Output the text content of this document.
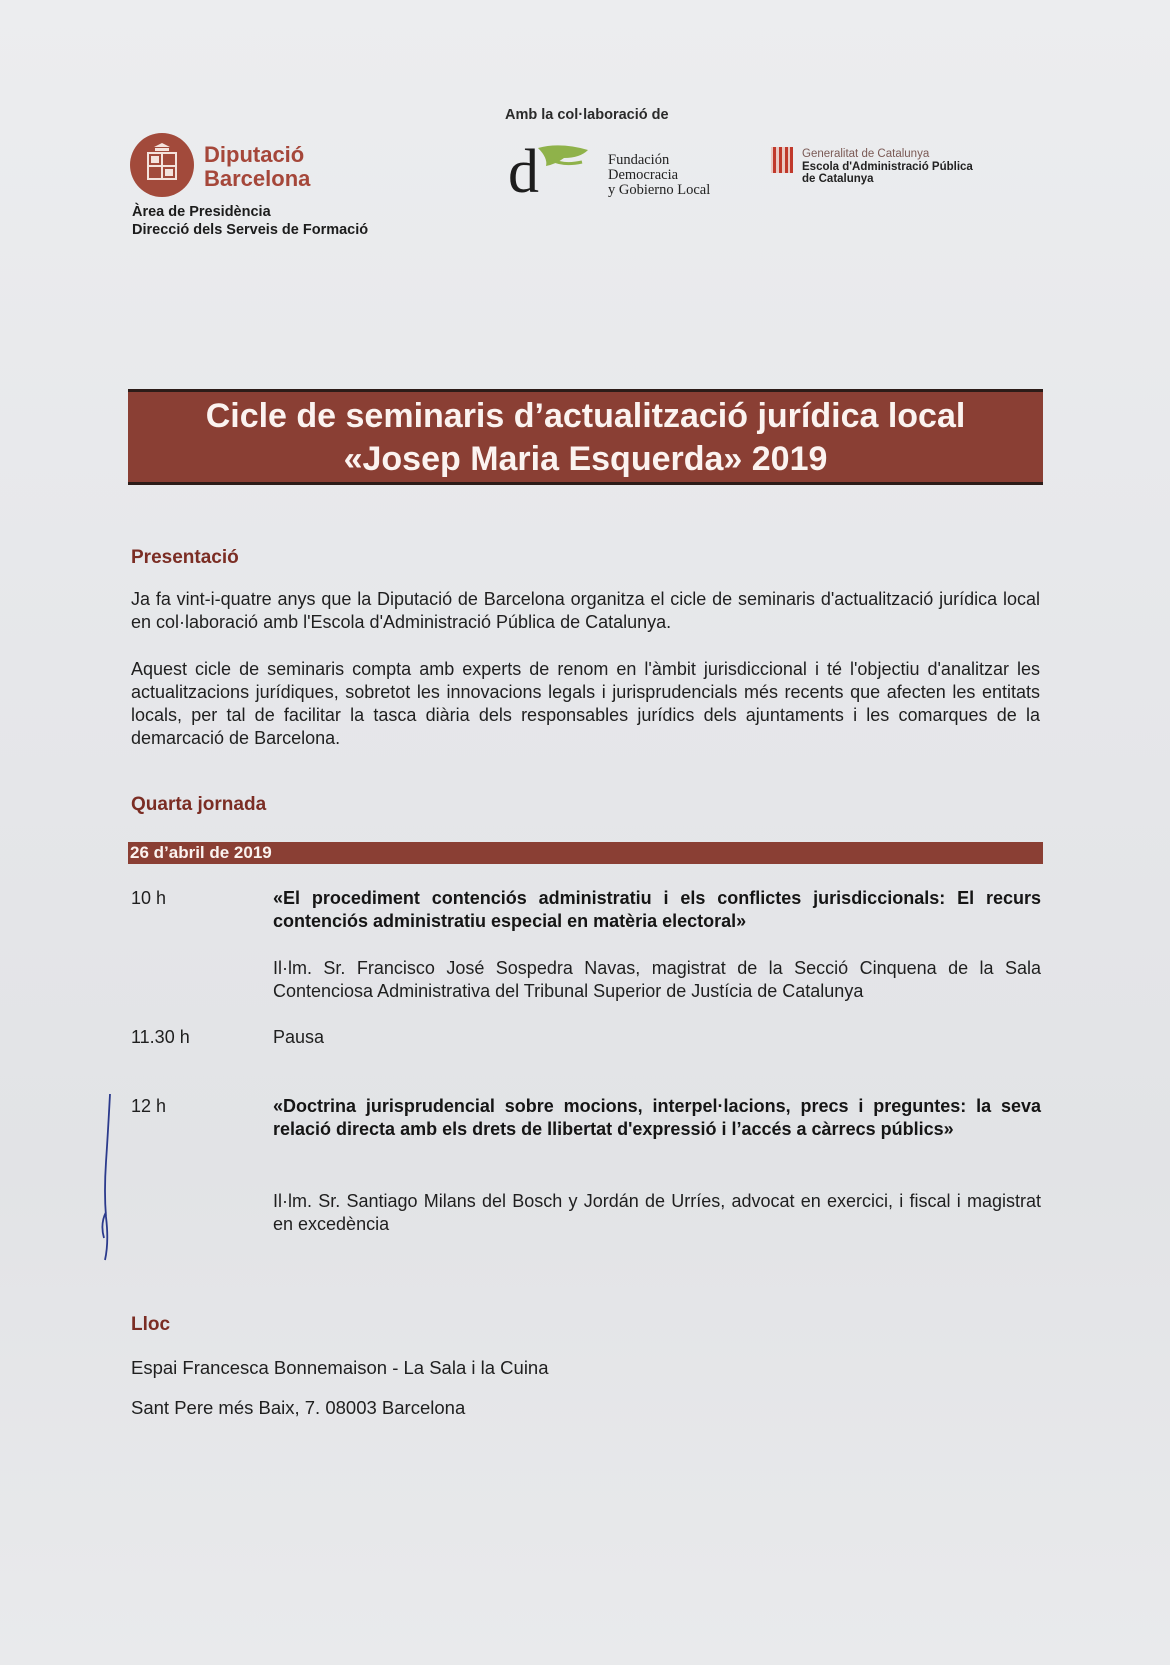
Diputació
Barcelona
Àrea de Presidència
Direcció dels Serveis de Formació
Amb la col·laboració de
d	Fundación
Democracia
y Gobierno Local
Generalitat de Catalunya
Escola d'Administració Pública
de Catalunya
Cicle de seminaris d’actualització jurídica local
«Josep Maria Esquerda» 2019
Presentació
Ja fa vint-i-quatre anys que la Diputació de Barcelona organitza el cicle de seminaris d'actualització jurídica local en col·laboració amb l'Escola d'Administració Pública de Catalunya.
Aquest cicle de seminaris compta amb experts de renom en l'àmbit jurisdiccional i té l'objectiu d'analitzar les actualitzacions jurídiques, sobretot les innovacions legals i jurisprudencials més recents que afecten les entitats locals, per tal de facilitar la tasca diària dels responsables jurídics dels ajuntaments i les comarques de la demarcació de Barcelona.
Quarta jornada
26 d’abril de 2019
10 h	«El procediment contenciós administratiu i els conflictes jurisdiccionals: El recurs contenciós administratiu especial en matèria electoral»
Il·lm. Sr. Francisco José Sospedra Navas, magistrat de la Secció Cinquena de la Sala Contenciosa Administrativa del Tribunal Superior de Justícia de Catalunya
11.30 h	Pausa
12 h	«Doctrina jurisprudencial sobre mocions, interpel·lacions, precs i preguntes: la seva relació directa amb els drets de llibertat d'expressió i l’accés a càrrecs públics»
Il·lm. Sr. Santiago Milans del Bosch y Jordán de Urríes, advocat en exercici, i fiscal i magistrat en excedència
Lloc
Espai Francesca Bonnemaison - La Sala i la Cuina
Sant Pere més Baix, 7. 08003 Barcelona
